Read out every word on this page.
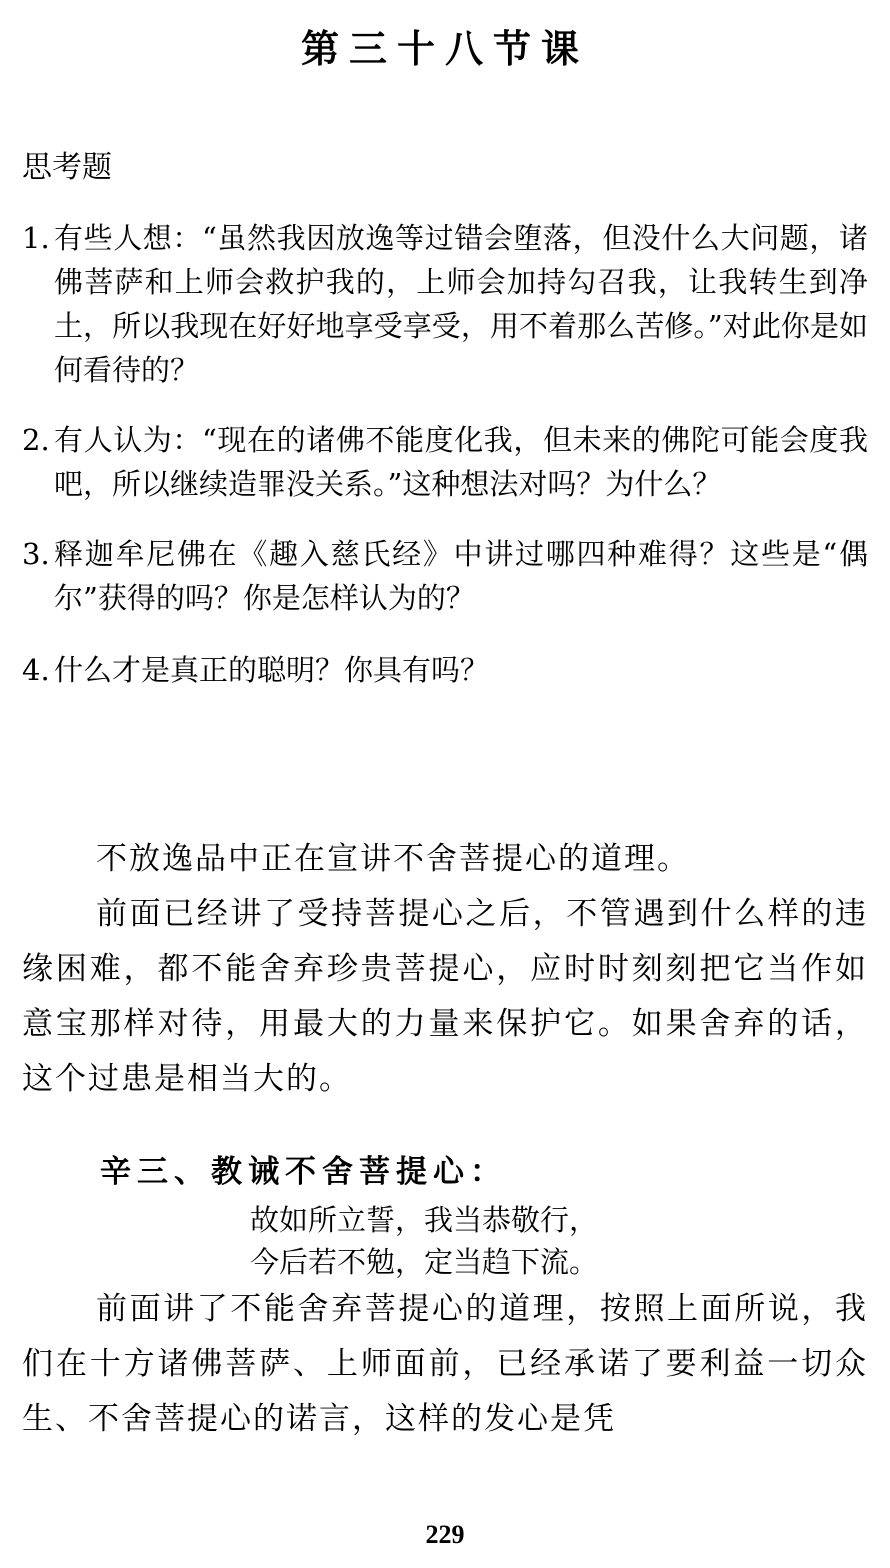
第三十八节课
思考题
1. 有些人想：“虽然我因放逸等过错会堕落，但没什么大问题，诸佛菩萨和上师会救护我的，上师会加持勾召我，让我转生到净土，所以我现在好好地享受享受，用不着那么苦修。”对此你是如何看待的？
2. 有人认为：“现在的诸佛不能度化我，但未来的佛陀可能会度我吧，所以继续造罪没关系。”这种想法对吗？为什么？
3. 释迦牟尼佛在《趣入慈氏经》中讲过哪四种难得？这些是“偶尔”获得的吗？你是怎样认为的？
4. 什么才是真正的聪明？你具有吗？

不放逸品中正在宣讲不舍菩提心的道理。

前面已经讲了受持菩提心之后，不管遇到什么样的违缘困难，都不能舍弃珍贵菩提心，应时时刻刻把它当作如意宝那样对待，用最大的力量来保护它。如果舍弃的话，这个过患是相当大的。

辛三、教诫不舍菩提心：
故如所立誓，我当恭敬行，
今后若不勉，定当趋下流。

前面讲了不能舍弃菩提心的道理，按照上面所说，我们在十方诸佛菩萨、上师面前，已经承诺了要利益一切众生、不舍菩提心的诺言，这样的发心是凭

229
